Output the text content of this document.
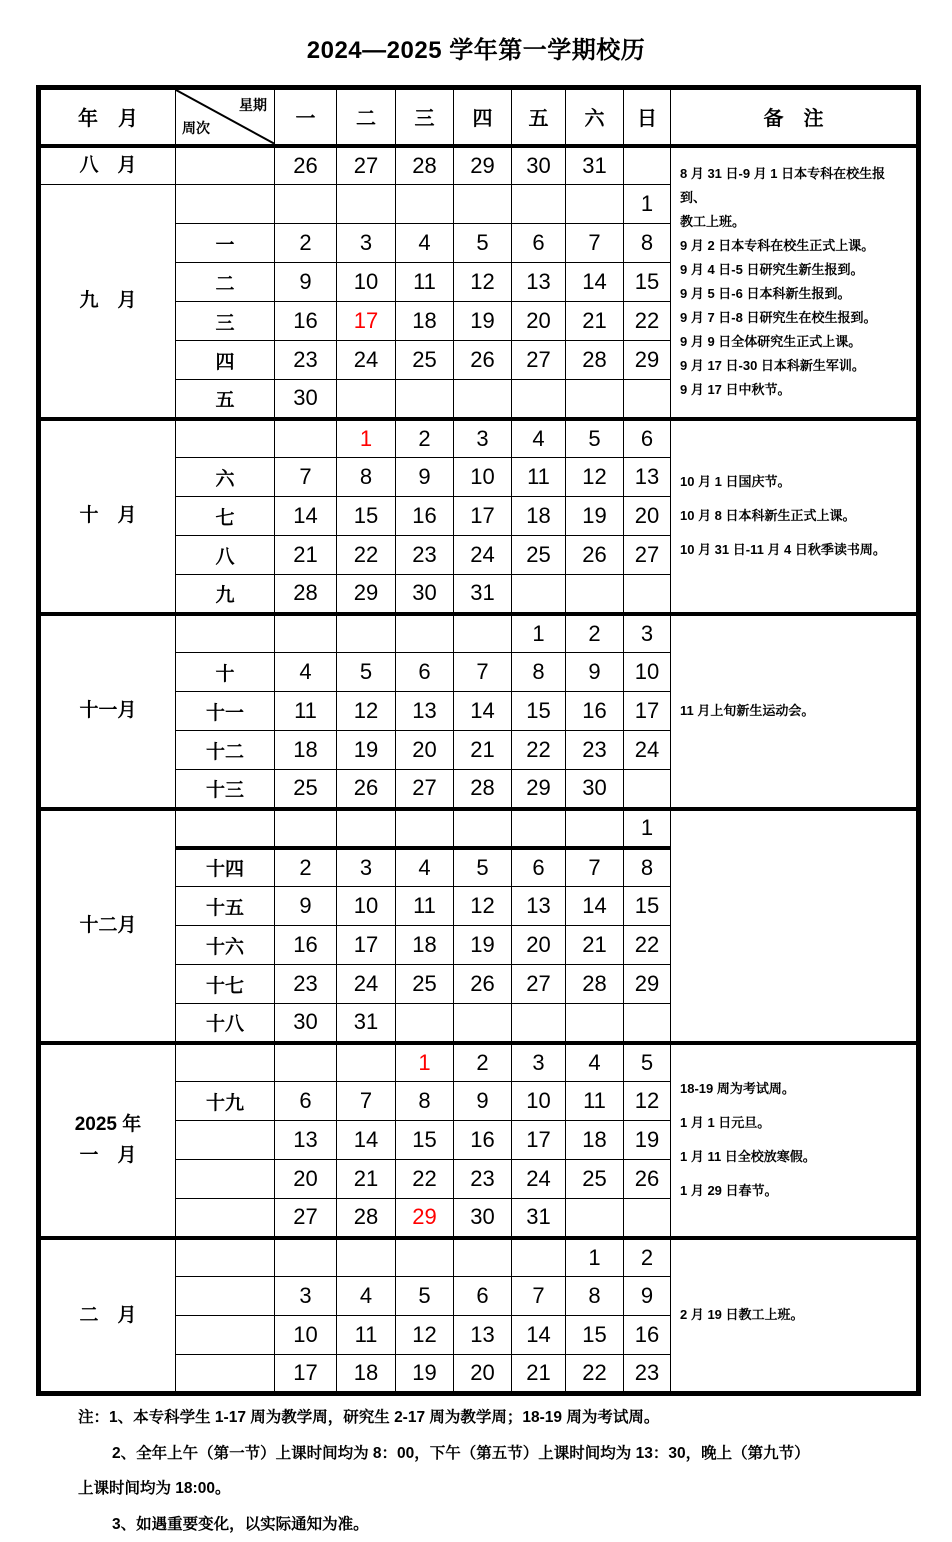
2024—2025 学年第一学期校历
年　月	星期
周次	一	二	三	四	五	六	日	备　注

八　月		26	27	28	29	30	31		8 月 31 日-9 月 1 日本专科在校生报到、
教工上班。
9 月 2 日本专科在校生正式上课。
9 月 4 日-5 日研究生新生报到。
9 月 5 日-6 日本科新生报到。
9 月 7 日-8 日研究生在校生报到。
9 月 9 日全体研究生正式上课。
9 月 17 日-30 日本科新生军训。
9 月 17 日中秋节。

九　月								1	
	一	2	3	4	5	6	7	8	
	二	9	10	11	12	13	14	15	
	三	16	17	18	19	20	21	22	
	四	23	24	25	26	27	28	29	
	五	30							

十　月			1	2	3	4	5	6	10 月 1 日国庆节。
10 月 8 日本科新生正式上课。
10 月 31 日-11 月 4 日秋季读书周。

	六	7	8	9	10	11	12	13	
	七	14	15	16	17	18	19	20	
	八	21	22	23	24	25	26	27	
	九	28	29	30	31				

十一月						1	2	3	11 月上旬新生运动会。

	十	4	5	6	7	8	9	10	
	十一	11	12	13	14	15	16	17	
	十二	18	19	20	21	22	23	24	
	十三	25	26	27	28	29	30		

十二月								1	
	十四	2	3	4	5	6	7	8	
	十五	9	10	11	12	13	14	15	
	十六	16	17	18	19	20	21	22	
	十七	23	24	25	26	27	28	29	
	十八	30	31						

2025 年
一　月
				1	2	3	4	5	
18-19 周为考试周。
1 月 1 日元旦。
1 月 11 日全校放寒假。
1 月 29 日春节。

	十九	6	7	8	9	10	11	12	
		13	14	15	16	17	18	19	
		20	21	22	23	24	25	26	
		27	28	29	30	31			

二　月							1	2	2 月 19 日教工上班。

		3	4	5	6	7	8	9	
		10	11	12	13	14	15	16	
		17	18	19	20	21	22	23	
注：1、本专科学生 1-17 周为教学周，研究生 2-17 周为教学周；18-19 周为考试周。
2、全年上午（第一节）上课时间均为 8：00，下午（第五节）上课时间均为 13：30，晚上（第九节）
上课时间均为 18:00。
3、如遇重要变化，以实际通知为准。
